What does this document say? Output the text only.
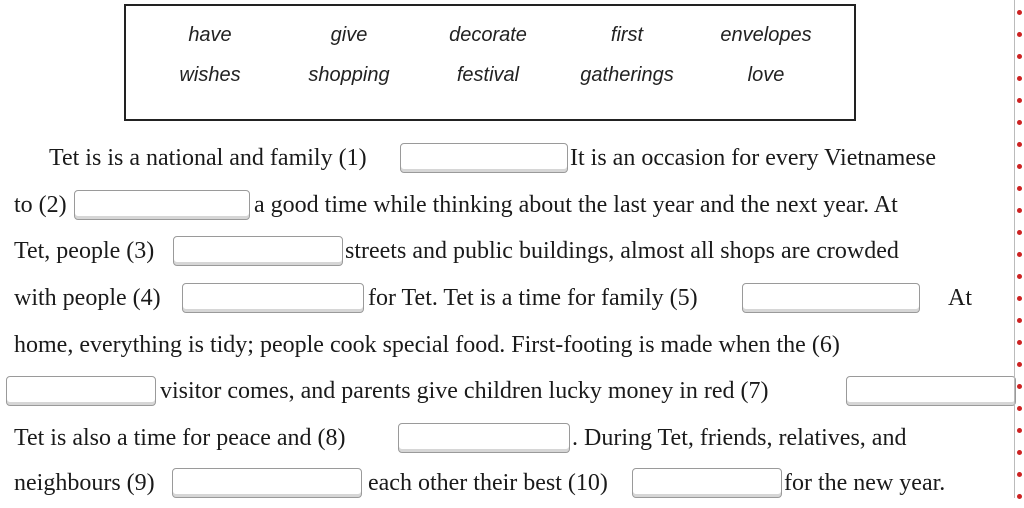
have	give	decorate	first	envelopes
wishes	shopping	festival	gatherings	love
Tet is is a national and family (1)	It is an occasion for every Vietnamese
to (2)	a good time while thinking about the last year and the next year. At
Tet, people (3)	streets and public buildings, almost all shops are crowded
with people (4)	for Tet. Tet is a time for family (5)	At
home, everything is tidy; people cook special food. First-footing is made when the (6)
visitor comes, and parents give children lucky money in red (7)
Tet is also a time for peace and (8)	. During Tet, friends, relatives, and
neighbours (9)	each other their best (10)	for the new year.
